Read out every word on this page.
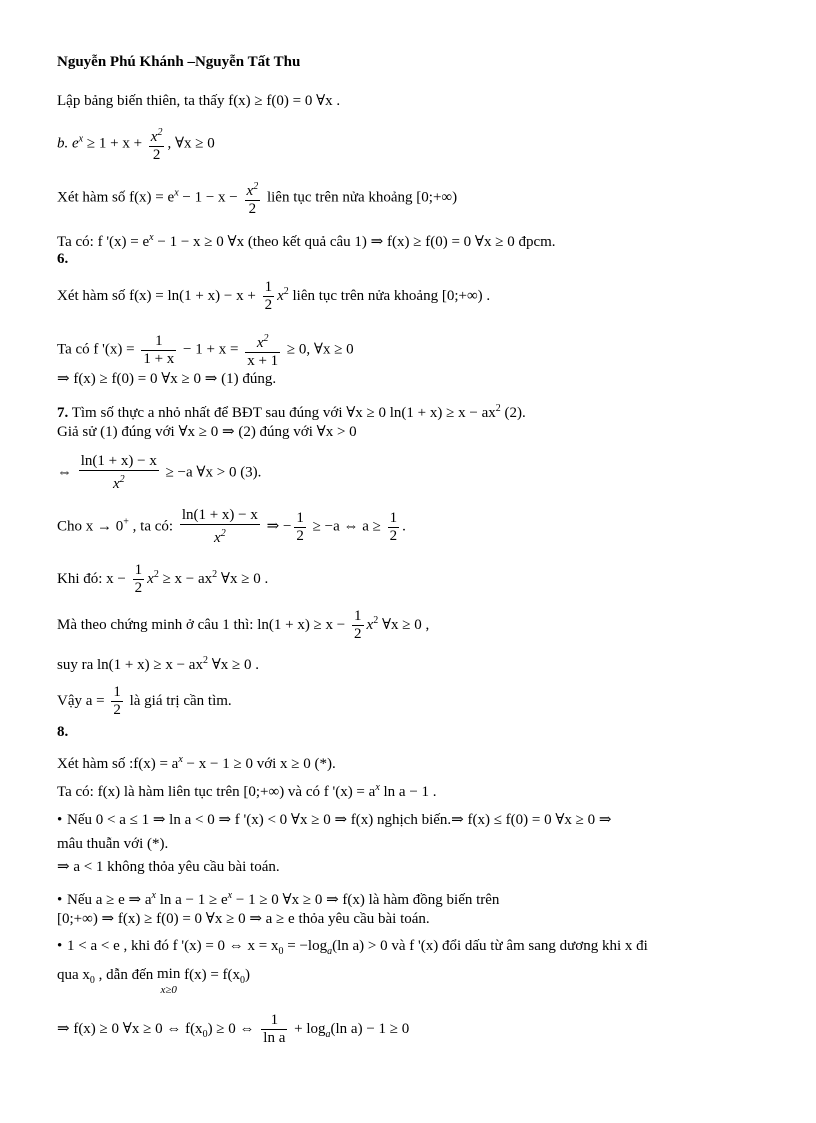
Nguyễn Phú Khánh –Nguyễn Tất Thu
Lập bảng biến thiên, ta thấy f(x) ≥ f(0) = 0 ∀x .
b. $e^x \ge 1 + x + \frac{x^2}{2}$ , ∀x ≥ 0
Xét hàm số $f(x) = e^x - 1 - x - \frac{x^2}{2}$ liên tục trên nửa khoảng [0;+∞)
Ta có: f '$(x) = e^x - 1 - x \ge 0$ ∀x (theo kết quả câu 1) ⇒ f(x) ≥ f(0) = 0 ∀x ≥ 0 đpcm.
6.
Xét hàm số $f(x) = \ln(1 + x) - x + \frac{1}{2} x^2$ liên tục trên nửa khoảng [0;+∞) .
Ta có f '$(x) = \frac{1}{1 + x} - 1 + x = \frac{x^2}{x + 1} \ge 0$, ∀x ≥ 0
⇒ f(x) ≥ f(0) = 0 ∀x ≥ 0 ⇒ (1) đúng.
7. Tìm số thực a nhỏ nhất để BĐT sau đúng với ∀x ≥ 0 $\ln(1 + x) \ge x - ax^2$ (2).
Giả sử (1) đúng với ∀x ≥ 0 ⇒ (2) đúng với ∀x > 0
⇔ $\frac{\ln(1 + x) - x}{x^2} \ge -a$ ∀x > 0 (3).
Cho x → 0+ , ta có: $\frac{\ln(1 + x) - x}{x^2}$ ⇒ − $\frac{1}{2} \ge -a$ ⇔ $a \ge \frac{1}{2}$ .
Khi đó: $x - \frac{1}{2} x^2 \ge x - ax^2$ ∀x ≥ 0 .
Mà theo chứng minh ở câu 1 thì: $\ln(1 + x) \ge x - \frac{1}{2} x^2$ ∀x ≥ 0 ,
suy ra $\ln(1 + x) \ge x - ax^2$ ∀x ≥ 0 .
Vậy $a = \frac{1}{2}$ là giá trị cần tìm.
8.
Xét hàm số :f(x) = $a^x - x - 1 \ge 0$ với x ≥ 0 (*).
Ta có: f(x) là hàm liên tục trên [0;+∞) và có f '$(x) = a^x$ ln a − 1 .
• Nếu 0 < a ≤ 1 ⇒ ln a < 0 ⇒ f '(x) < 0 ∀x ≥ 0 ⇒ f(x) nghịch biến.⇒ f(x) ≤ f(0) = 0 ∀x ≥ 0 ⇒
mâu thuẫn với (*).
⇒ a < 1 không thỏa yêu cầu bài toán.
• Nếu a ≥ e ⇒ $a^x$ $\ln a - 1 \ge e^x - 1 \ge 0$ ∀x ≥ 0 ⇒ f(x) là hàm đồng biến trên
[0;+∞) ⇒ f(x) ≥ f(0) = 0 ∀x ≥ 0 ⇒ a ≥ e thỏa yêu cầu bài toán.
• 1 < a < e , khi đó f '(x) = 0 ⇔ $x = x_0 = -\log_a(\ln$ a) > 0 và f '(x) đổi dấu từ âm sang dương khi x đi
qua $x_0$ , dẫn đến min
x≥0
$f(x) = f(x_0)$
⇒ f(x) ≥ 0 ∀x ≥ 0 ⇔ $f(x_0) \ge 0$ ⇔ $\frac{1}{\text{ln a}} + \log_a(\ln$ a) − 1 ≥ 0
